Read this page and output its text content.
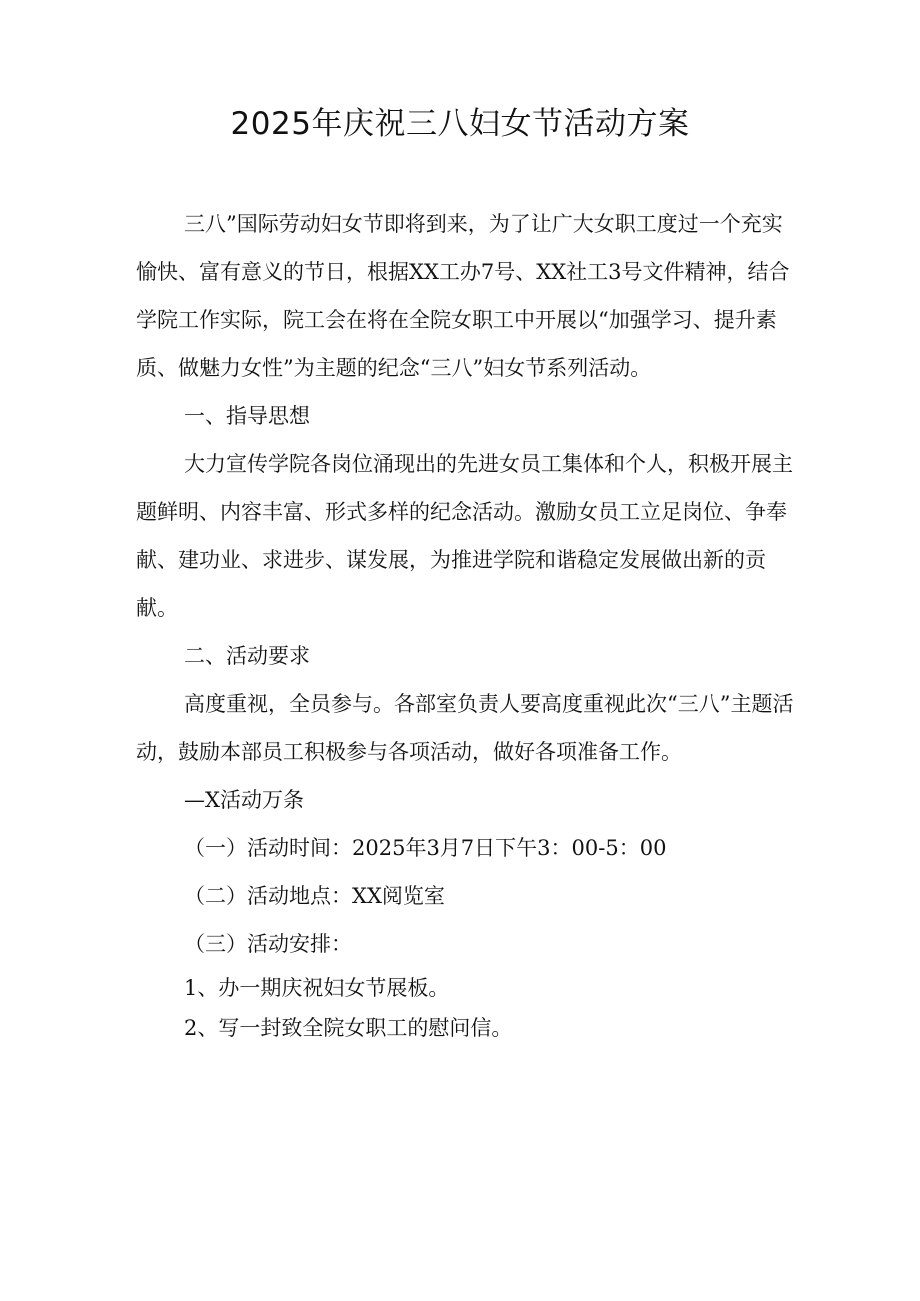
2025年庆祝三八妇女节活动方案

三八”国际劳动妇女节即将到来，为了让广大女职工度过一个充实愉快、富有意义的节日，根据XX工办7号、XX社工3号文件精神，结合学院工作实际，院工会在将在全院女职工中开展以“加强学习、提升素质、做魅力女性”为主题的纪念“三八”妇女节系列活动。

一、指导思想

大力宣传学院各岗位涌现出的先进女员工集体和个人，积极开展主题鲜明、内容丰富、形式多样的纪念活动。激励女员工立足岗位、争奉献、建功业、求进步、谋发展，为推进学院和谐稳定发展做出新的贡献。

二、活动要求

高度重视，全员参与。各部室负责人要高度重视此次“三八”主题活动，鼓励本部员工积极参与各项活动，做好各项准备工作。

—X活动万条

（一）活动时间：2025年3月7日下午3：00-5：00

（二）活动地点：XX阅览室

（三）活动安排：

1、办一期庆祝妇女节展板。

2、写一封致全院女职工的慰问信。
